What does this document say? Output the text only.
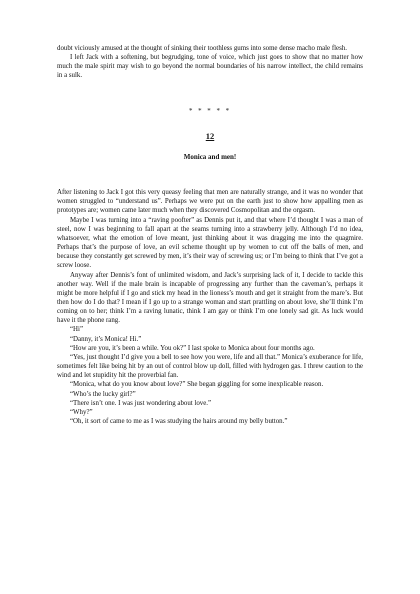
doubt viciously amused at the thought of sinking their toothless gums into some dense macho male flesh.

I left Jack with a softening, but begrudging, tone of voice, which just goes to show that no matter how much the male spirit may wish to go beyond the normal boundaries of his narrow intellect, the child remains in a sulk.

* * * * *
12
Monica and men!

After listening to Jack I got this very queasy feeling that men are naturally strange, and it was no wonder that women struggled to “understand us”. Perhaps we were put on the earth just to show how appalling men as prototypes are; women came later much when they discovered Cosmopolitan and the orgasm.

Maybe I was turning into a “raving poofter” as Dennis put it, and that where I’d thought I was a man of steel, now I was beginning to fall apart at the seams turning into a strawberry jelly. Although I’d no idea, whatsoever, what the emotion of love meant, just thinking about it was dragging me into the quagmire. Perhaps that’s the purpose of love, an evil scheme thought up by women to cut off the balls of men, and because they constantly get screwed by men, it’s their way of screwing us; or I’m being to think that I’ve got a screw loose.

Anyway after Dennis’s font of unlimited wisdom, and Jack’s surprising lack of it, I decide to tackle this another way. Well if the male brain is incapable of progressing any further than the caveman’s, perhaps it might be more helpful if I go and stick my head in the lioness’s mouth and get it straight from the mare’s. But then how do I do that? I mean if I go up to a strange woman and start prattling on about love, she’ll think I’m coming on to her; think I’m a raving lunatic, think I am gay or think I’m one lonely sad git. As luck would have it the phone rang.

“Hi”

“Danny, it’s Monica! Hi.”

“How are you, it’s been a while. You ok?” I last spoke to Monica about four months ago.

“Yes, just thought I’d give you a bell to see how you were, life and all that.” Monica’s exuberance for life, sometimes felt like being hit by an out of control blow up doll, filled with hydrogen gas. I threw caution to the wind and let stupidity hit the proverbial fan.

“Monica, what do you know about love?” She began giggling for some inexplicable reason.

“Who’s the lucky girl?”

“There isn’t one. I was just wondering about love.”

“Why?”

“Oh, it sort of came to me as I was studying the hairs around my belly button.”
